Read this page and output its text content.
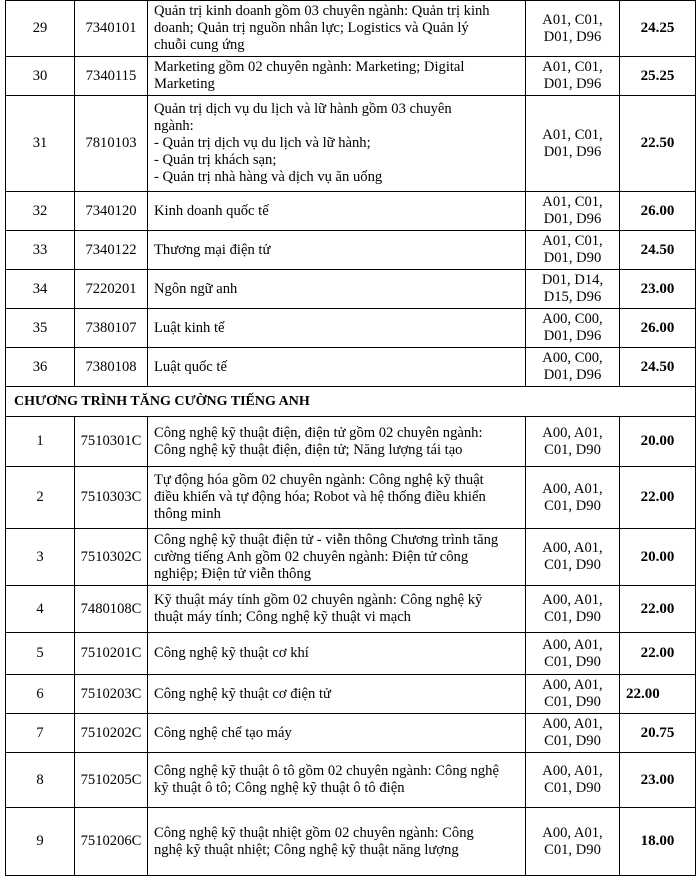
29	7340101	Quản trị kinh doanh gồm 03 chuyên ngành: Quản trị kinh
doanh; Quản trị nguồn nhân lực; Logistics và Quản lý
chuỗi cung ứng	A01, C01,
D01, D96	24.25
30	7340115	Marketing gồm 02 chuyên ngành: Marketing; Digital
Marketing	A01, C01,
D01, D96	25.25
31	7810103	Quản trị dịch vụ du lịch và lữ hành gồm 03 chuyên
ngành:
- Quản trị dịch vụ du lịch và lữ hành;
- Quản trị khách sạn;
- Quản trị nhà hàng và dịch vụ ăn uống	A01, C01,
D01, D96	22.50
32	7340120	Kinh doanh quốc tế	A01, C01,
D01, D96	26.00
33	7340122	Thương mại điện tử	A01, C01,
D01, D90	24.50
34	7220201	Ngôn ngữ anh	D01, D14,
D15, D96	23.00
35	7380107	Luật kinh tế	A00, C00,
D01, D96	26.00
36	7380108	Luật quốc tế	A00, C00,
D01, D96	24.50
CHƯƠNG TRÌNH TĂNG CƯỜNG TIẾNG ANH				
1	7510301C	Công nghệ kỹ thuật điện, điện tử gồm 02 chuyên ngành:
Công nghệ kỹ thuật điện, điện tử; Năng lượng tái tạo	A00, A01,
C01, D90	20.00
2	7510303C	Tự động hóa gồm 02 chuyên ngành: Công nghệ kỹ thuật
điều khiển và tự động hóa; Robot và hệ thống điều khiển
thông minh	A00, A01,
C01, D90	22.00
3	7510302C	Công nghệ kỹ thuật điện tử - viễn thông Chương trình tăng
cường tiếng Anh gồm 02 chuyên ngành: Điện tử công
nghiệp; Điện tử viễn thông	A00, A01,
C01, D90	20.00
4	7480108C	Kỹ thuật máy tính gồm 02 chuyên ngành: Công nghệ kỹ
thuật máy tính; Công nghệ kỹ thuật vi mạch	A00, A01,
C01, D90	22.00
5	7510201C	Công nghệ kỹ thuật cơ khí	A00, A01,
C01, D90	22.00
6	7510203C	Công nghệ kỹ thuật cơ điện tử	A00, A01,
C01, D90	22.00
7	7510202C	Công nghệ chế tạo máy	A00, A01,
C01, D90	20.75
8	7510205C	Công nghệ kỹ thuật ô tô gồm 02 chuyên ngành: Công nghệ
kỹ thuật ô tô; Công nghệ kỹ thuật ô tô điện	A00, A01,
C01, D90	23.00
9	7510206C	Công nghệ kỹ thuật nhiệt gồm 02 chuyên ngành: Công
nghệ kỹ thuật nhiệt; Công nghệ kỹ thuật năng lượng	A00, A01,
C01, D90	18.00
